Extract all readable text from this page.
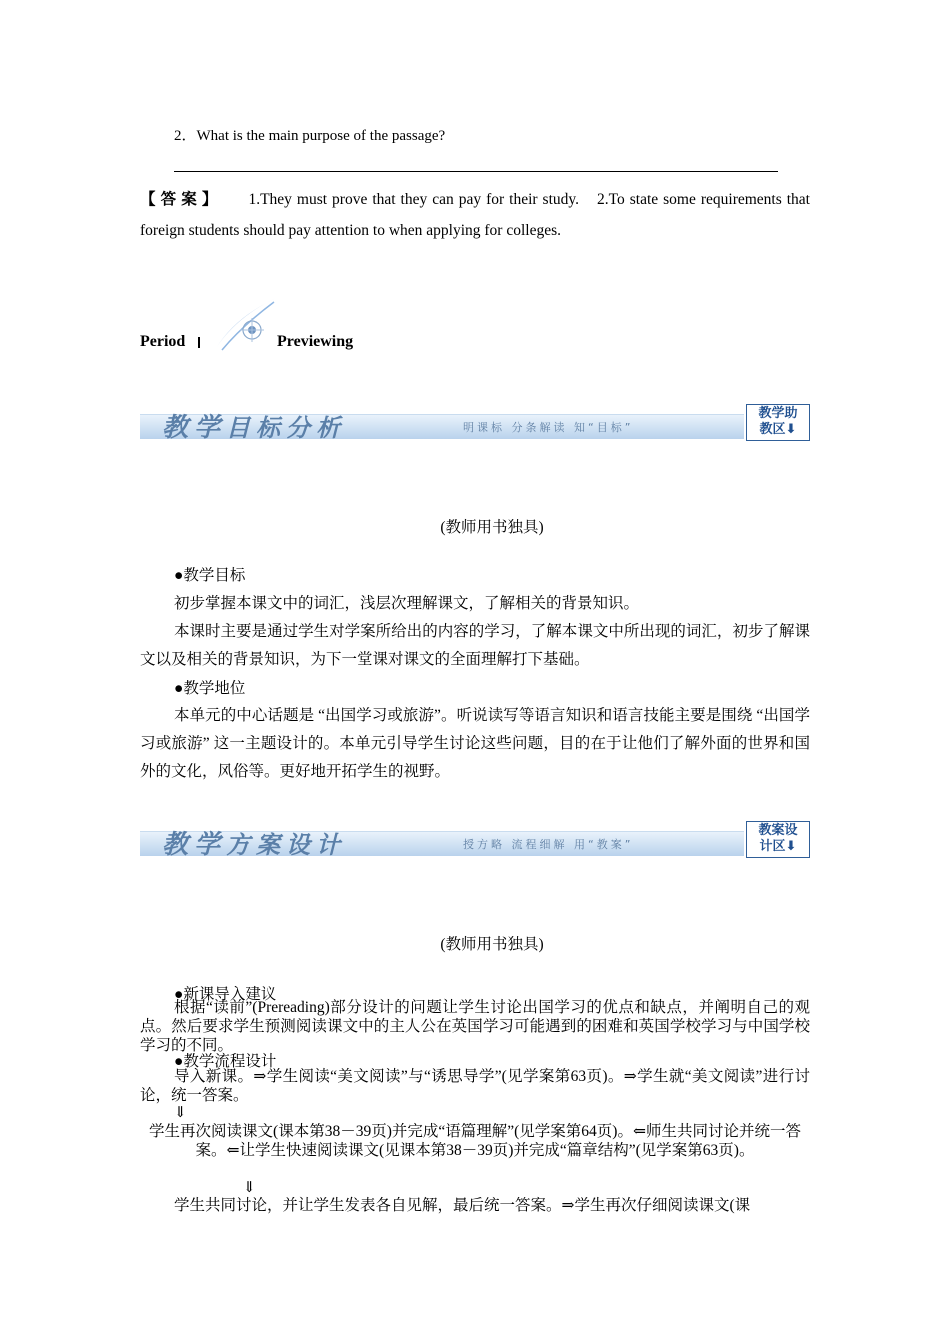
2．What is the main purpose of the passage?
【答案】 1.They must prove that they can pay for their study. 2.To state some requirements that foreign students should pay attention to when applying for colleges.
Period	Previewing
教学目标分析	明课标 分条解读 知“目标”
教学助
教区⬇
(教师用书独具)
●教学目标
初步掌握本课文中的词汇，浅层次理解课文，了解相关的背景知识。
本课时主要是通过学生对学案所给出的内容的学习，了解本课文中所出现的词汇，初步了解课文以及相关的背景知识，为下一堂课对课文的全面理解打下基础。
●教学地位
本单元的中心话题是 “出国学习或旅游”。听说读写等语言知识和语言技能主要是围绕 “出国学习或旅游” 这一主题设计的。本单元引导学生讨论这些问题，目的在于让他们了解外面的世界和国外的文化，风俗等。更好地开拓学生的视野。
教学方案设计	授方略 流程细解 用“教案”
教案设
计区⬇
(教师用书独具)
●新课导入建议
根据“读前”(Prereading)部分设计的问题让学生讨论出国学习的优点和缺点，并阐明自己的观点。然后要求学生预测阅读课文中的主人公在英国学习可能遇到的困难和英国学校学习与中国学校学习的不同。
●教学流程设计
导入新课。⇒学生阅读“美文阅读”与“诱思导学”(见学案第63页)。⇒学生就“美文阅读”进行讨论，统一答案。
⇓
学生再次阅读课文(课本第38－39页)并完成“语篇理解”(见学案第64页)。⇐师生共同讨论并统一答案。⇐让学生快速阅读课文(见课本第38－39页)并完成“篇章结构”(见学案第63页)。
⇓
学生共同讨论，并让学生发表各自见解，最后统一答案。⇒学生再次仔细阅读课文(课
